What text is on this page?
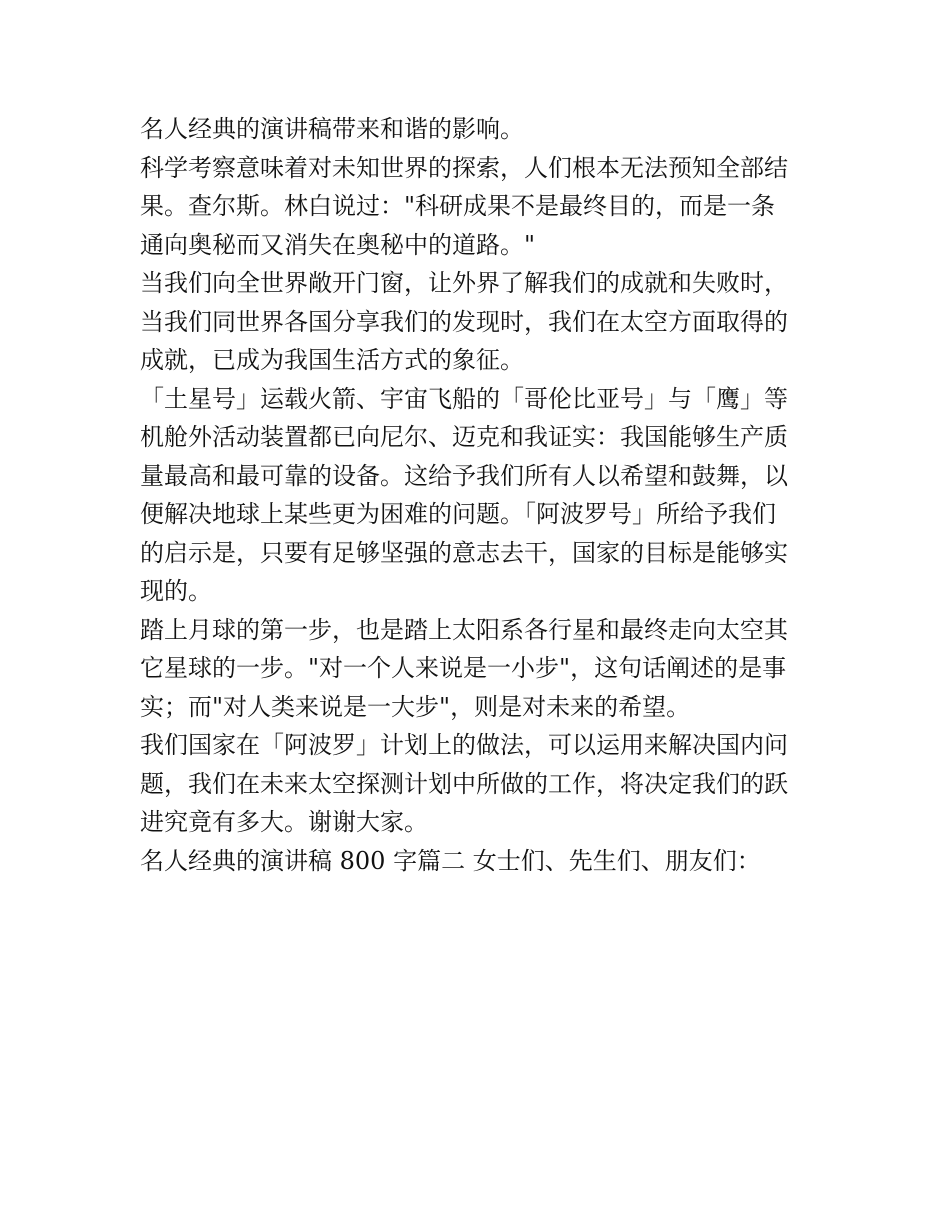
名人经典的演讲稿带来和谐的影响。

科学考察意味着对未知世界的探索，人们根本无法预知全部结
果。查尔斯。林白说过："科研成果不是最终目的，而是一条
通向奥秘而又消失在奥秘中的道路。"

当我们向全世界敞开门窗，让外界了解我们的成就和失败时，
当我们同世界各国分享我们的发现时，我们在太空方面取得的
成就，已成为我国生活方式的象征。

「土星号」运载火箭、宇宙飞船的「哥伦比亚号」与「鹰」等
机舱外活动装置都已向尼尔、迈克和我证实：我国能够生产质
量最高和最可靠的设备。这给予我们所有人以希望和鼓舞，以
便解决地球上某些更为困难的问题。「阿波罗号」所给予我们
的启示是，只要有足够坚强的意志去干，国家的目标是能够实
现的。

踏上月球的第一步，也是踏上太阳系各行星和最终走向太空其
它星球的一步。"对一个人来说是一小步"，这句话阐述的是事
实；而"对人类来说是一大步"，则是对未来的希望。

我们国家在「阿波罗」计划上的做法，可以运用来解决国内问
题，我们在未来太空探测计划中所做的工作，将决定我们的跃
进究竟有多大。谢谢大家。

名人经典的演讲稿 800 字篇二 女士们、先生们、朋友们：
